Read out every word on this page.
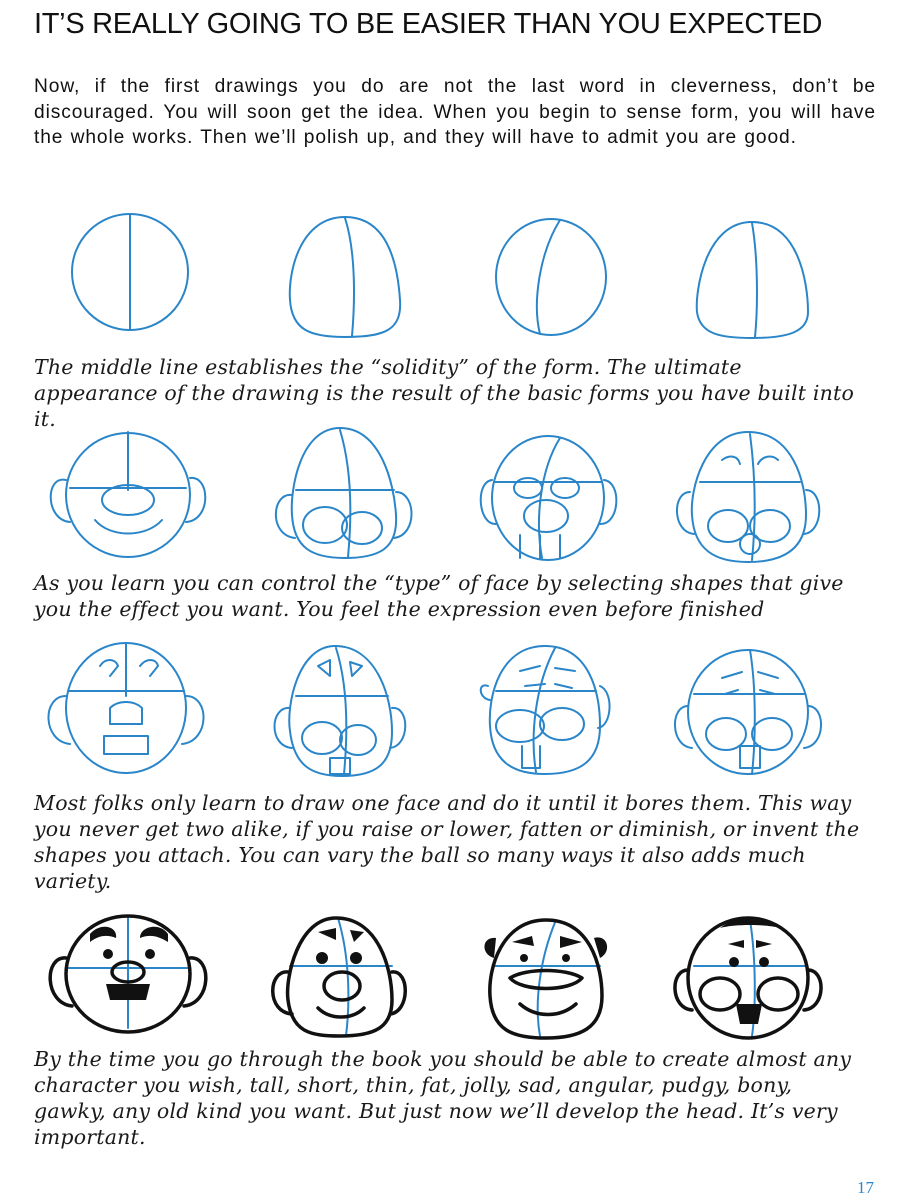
IT’S REALLY GOING TO BE EASIER THAN YOU EXPECTED
Now, if the first drawings you do are not the last word in cleverness, don’t be discouraged. You will soon get the idea. When you begin to sense form, you will have the whole works. Then we’ll polish up, and they will have to admit you are good.
The middle line establishes the “solidity” of the form. The ultimate appearance of the drawing is the result of the basic forms you have built into it.
As you learn you can control the “type” of face by selecting shapes that give you the effect you want. You feel the expression even before finished
Most folks only learn to draw one face and do it until it bores them. This way you never get two alike, if you raise or lower, fatten or diminish, or invent the shapes you attach. You can vary the ball so many ways it also adds much variety.
By the time you go through the book you should be able to create almost any character you wish, tall, short, thin, fat, jolly, sad, angular, pudgy, bony, gawky, any old kind you want. But just now we’ll develop the head. It’s very important.
17
